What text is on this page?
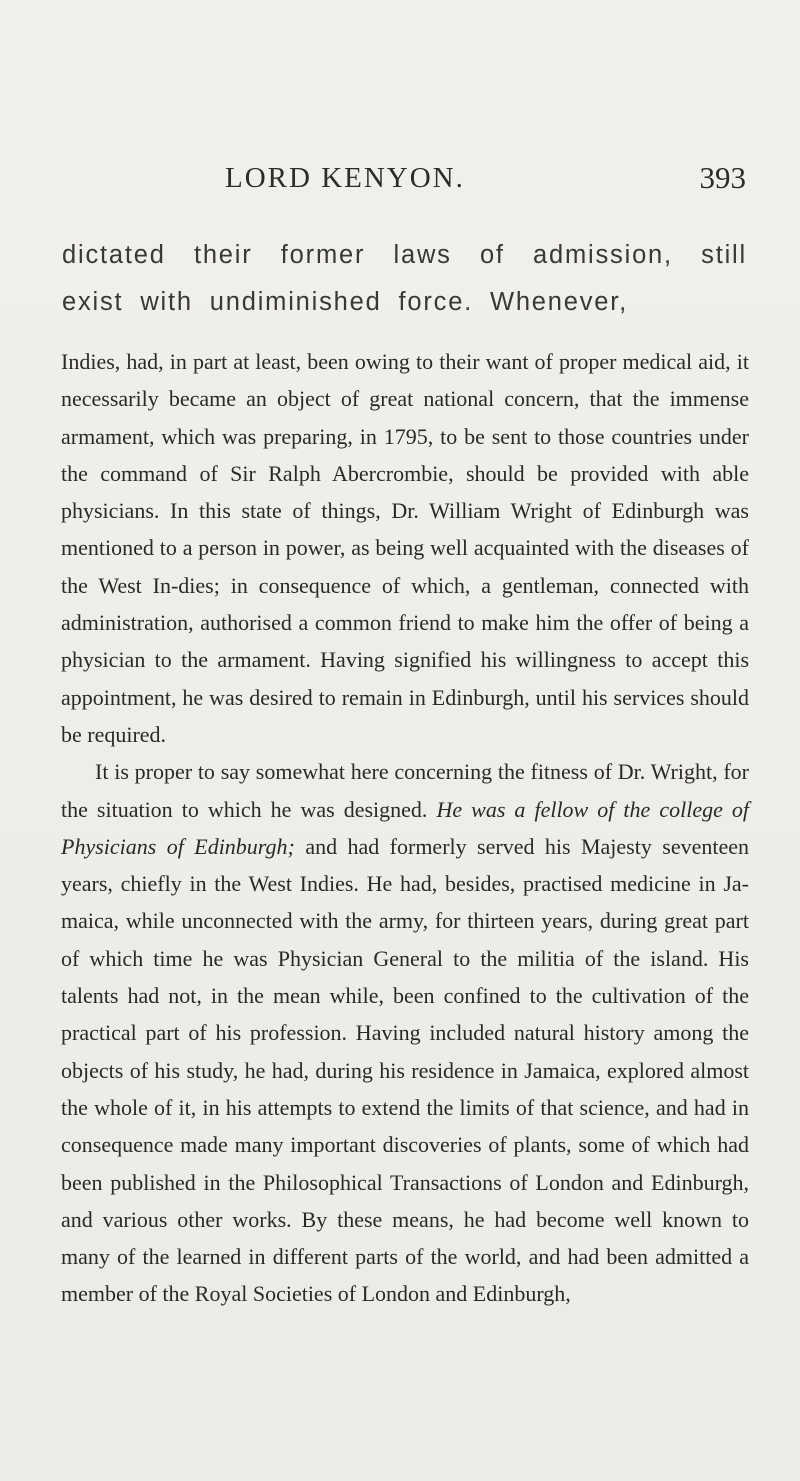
LORD KENYON.	393
dictated their former laws of admission, still exist with undiminished force. Whenever,

Indies, had, in part at least, been owing to their want of proper medical aid, it necessarily became an object of great national concern, that the immense armament, which was preparing, in 1795, to be sent to those countries under the command of Sir Ralph Abercrombie, should be provided with able physicians. In this state of things, Dr. William Wright of Edinburgh was mentioned to a person in power, as being well acquainted with the diseases of the West In-dies; in consequence of which, a gentleman, connected with administration, authorised a common friend to make him the offer of being a physician to the armament. Having signified his willingness to accept this appointment, he was desired to remain in Edinburgh, until his services should be required.

It is proper to say somewhat here concerning the fitness of Dr. Wright, for the situation to which he was designed. He was a fellow of the college of Physicians of Edinburgh; and had formerly served his Majesty seventeen years, chiefly in the West Indies. He had, besides, practised medicine in Ja-maica, while unconnected with the army, for thirteen years, during great part of which time he was Physician General to the militia of the island. His talents had not, in the mean while, been confined to the cultivation of the practical part of his profession. Having included natural history among the objects of his study, he had, during his residence in Jamaica, explored almost the whole of it, in his attempts to extend the limits of that science, and had in consequence made many important discoveries of plants, some of which had been published in the Philosophical Transactions of London and Edinburgh, and various other works. By these means, he had become well known to many of the learned in different parts of the world, and had been admitted a member of the Royal Societies of London and Edinburgh,
